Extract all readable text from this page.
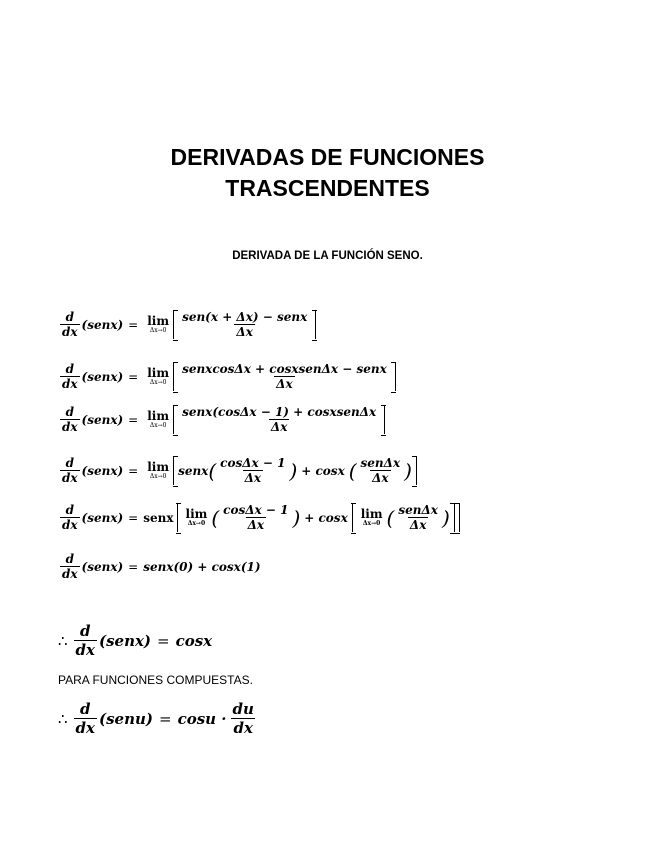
DERIVADAS DE FUNCIONES
TRASCENDENTES
DERIVADA DE LA FUNCIÓN SENO.
$\frac{d}{dx}$ (senx) = lim
$\Delta x\to 0 \frac{\text{sen(x + Δx) − senx}}{\Delta x}$
$\frac{d}{dx}$ (senx) = lim
$\Delta x\to 0 \frac{\text{senxcosΔx + cosxsenΔx − senx}}{\Delta x}$
$\frac{d}{dx}$ (senx) = lim
$\Delta x\to 0 \frac{\text{senx(cosΔx − 1) + cosxsenΔx}}{\Delta x}$
$\frac{d}{dx}$ (senx) = lim
Δx→0 senx ( $\frac{\cos\Delta x - 1}{\Delta x}$ ) + cosx ( $\frac{\text{senΔx}}{\Delta x}$ )
$\frac{d}{dx}$ (senx) = senx lim
Δx→0 ( $\frac{\cos\Delta x - 1}{\Delta x}$ ) + cosx lim
Δx→0 ( $\frac{\text{senΔx}}{\Delta x}$ )
$\frac{d}{dx}$ (senx) = senx(0) + cosx(1)
∴ $\frac{d}{dx}$ (senx) = cosx
PARA FUNCIONES COMPUESTAS.
∴ $\frac{d}{dx}$ (senu) = $\cos u \cdot \frac{du}{dx}$
